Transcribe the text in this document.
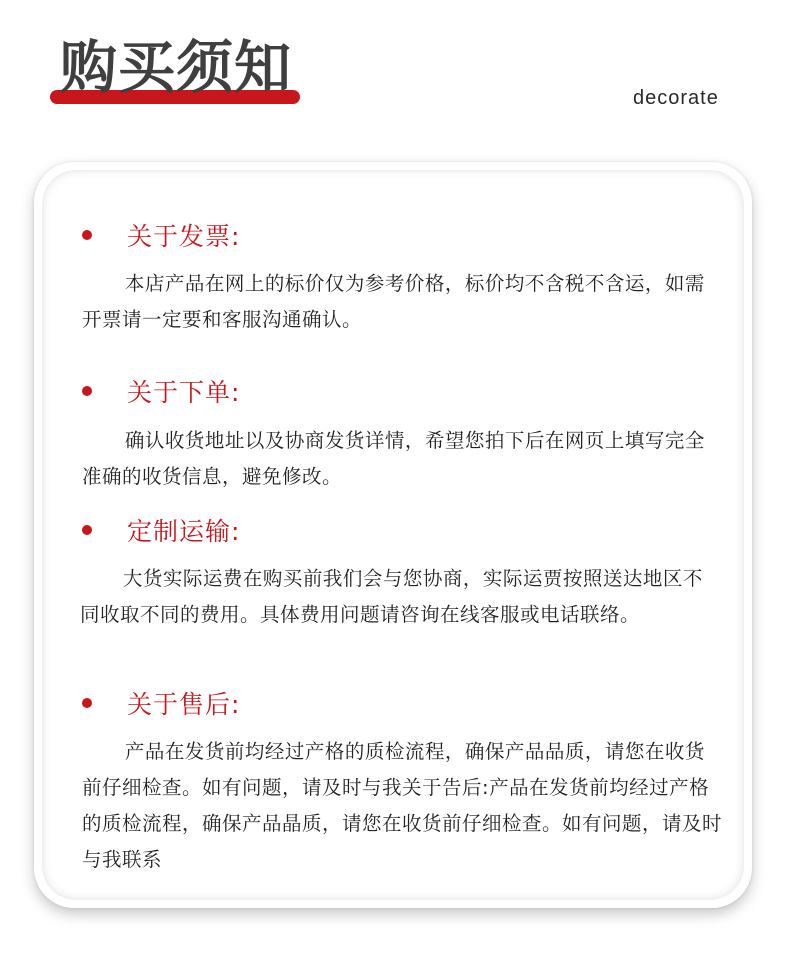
购买须知	decorate
关于发票:
本店产品在网上的标价仅为参考价格，标价均不含税不含运，如需开票请一定要和客服沟通确认。
关于下单:
确认收货地址以及协商发货详情，希望您拍下后在网页上填写完全准确的收货信息，避免修改。
定制运输:
大货实际运费在购买前我们会与您协商，实际运贾按照送达地区不同收取不同的费用。具体费用问题请咨询在线客服或电话联络。
关于售后:
产品在发货前均经过产格的质检流程，确保产品品质，请您在收货前仔细检查。如有问题，请及时与我关于告后:产品在发货前均经过产格的质检流程，确保产品晶质，请您在收货前仔细检查。如有问题，请及时与我联系
